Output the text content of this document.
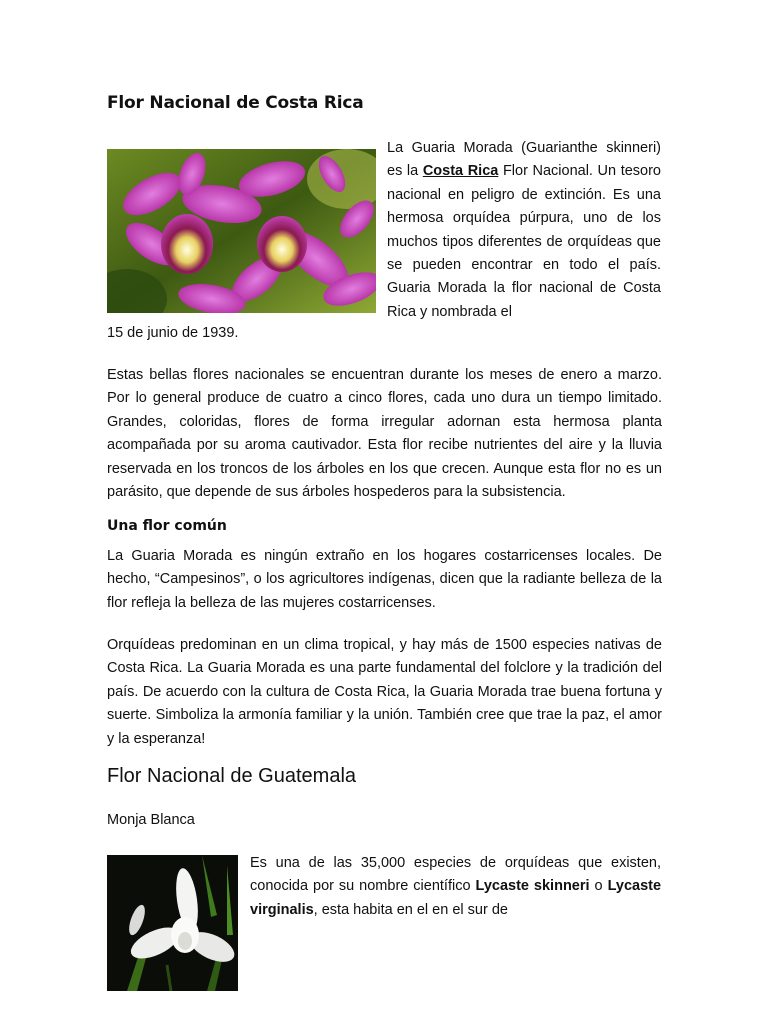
Flor Nacional de Costa Rica

La Guaria Morada (Guarianthe skinneri) es la Costa Rica Flor Nacional. Un tesoro nacional en peligro de extinción. Es una hermosa orquídea púrpura, uno de los muchos tipos diferentes de orquídeas que se pueden encontrar en todo el país. Guaria Morada la flor nacional de Costa Rica y nombrada el

15 de junio de 1939.

Estas bellas flores nacionales se encuentran durante los meses de enero a marzo. Por lo general produce de cuatro a cinco flores, cada uno dura un tiempo limitado. Grandes, coloridas, flores de forma irregular adornan esta hermosa planta acompañada por su aroma cautivador. Esta flor recibe nutrientes del aire y la lluvia reservada en los troncos de los árboles en los que crecen. Aunque esta flor no es un parásito, que depende de sus árboles hospederos para la subsistencia.

Una flor común

La Guaria Morada es ningún extraño en los hogares costarricenses locales. De hecho, “Campesinos”, o los agricultores indígenas, dicen que la radiante belleza de la flor refleja la belleza de las mujeres costarricenses.

Orquídeas predominan en un clima tropical, y hay más de 1500 especies nativas de Costa Rica. La Guaria Morada es una parte fundamental del folclore y la tradición del país. De acuerdo con la cultura de Costa Rica, la Guaria Morada trae buena fortuna y suerte. Simboliza la armonía familiar y la unión. También cree que trae la paz, el amor y la esperanza!

Flor Nacional de Guatemala

Monja Blanca

Es una de las 35,000 especies de orquídeas que existen, conocida por su nombre científico Lycaste skinneri o Lycaste virginalis, esta habita en el en el sur de
